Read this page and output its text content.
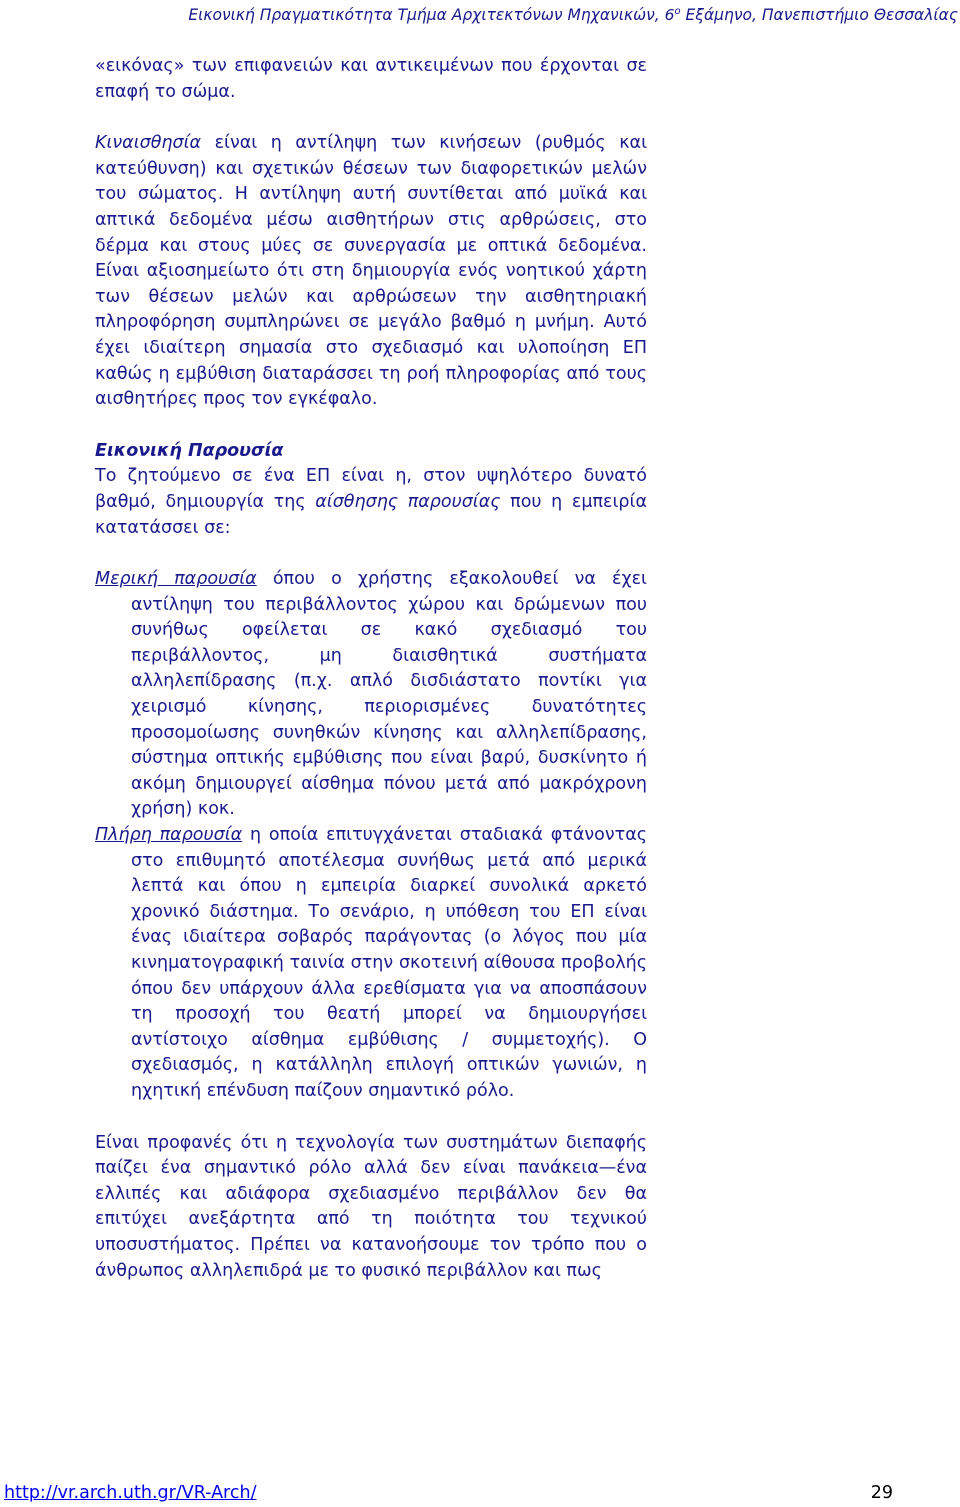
Εικονική Πραγματικότητα Τμήμα Αρχιτεκτόνων Μηχανικών, $6^o$ Εξάμηνο, Πανεπιστήμιο Θεσσαλίας

«εικόνας» των επιφανειών και αντικειμένων που έρχονται σε επαφή το σώμα.

Κιναισθησία είναι η αντίληψη των κινήσεων (ρυθμός και κατεύθυνση) και σχετικών θέσεων των διαφορετικών μελών του σώματος. Η αντίληψη αυτή συντίθεται από μυϊκά και απτικά δεδομένα μέσω αισθητήρων στις αρθρώσεις, στο δέρμα και στους μύες σε συνεργασία με οπτικά δεδομένα. Είναι αξιοσημείωτο ότι στη δημιουργία ενός νοητικού χάρτη των θέσεων μελών και αρθρώσεων την αισθητηριακή πληροφόρηση συμπληρώνει σε μεγάλο βαθμό η μνήμη. Αυτό έχει ιδιαίτερη σημασία στο σχεδιασμό και υλοποίηση ΕΠ καθώς η εμβύθιση διαταράσσει τη ροή πληροφορίας από τους αισθητήρες προς τον εγκέφαλο.

Εικονική Παρουσία

Το ζητούμενο σε ένα ΕΠ είναι η, στον υψηλότερο δυνατό βαθμό, δημιουργία της αίσθησης παρουσίας που η εμπειρία κατατάσσει σε:

Μερική παρουσία όπου ο χρήστης εξακολουθεί να έχει αντίληψη του περιβάλλοντος χώρου και δρώμενων που συνήθως οφείλεται σε κακό σχεδιασμό του περιβάλλοντος, μη διαισθητικά συστήματα αλληλεπίδρασης (π.χ. απλό δισδιάστατο ποντίκι για χειρισμό κίνησης, περιορισμένες δυνατότητες προσομοίωσης συνηθκών κίνησης και αλληλεπίδρασης, σύστημα οπτικής εμβύθισης που είναι βαρύ, δυσκίνητο ή ακόμη δημιουργεί αίσθημα πόνου μετά από μακρόχρονη χρήση) κοκ.

Πλήρη παρουσία η οποία επιτυγχάνεται σταδιακά φτάνοντας στο επιθυμητό αποτέλεσμα συνήθως μετά από μερικά λεπτά και όπου η εμπειρία διαρκεί συνολικά αρκετό χρονικό διάστημα. Το σενάριο, η υπόθεση του ΕΠ είναι ένας ιδιαίτερα σοβαρός παράγοντας (ο λόγος που μία κινηματογραφική ταινία στην σκοτεινή αίθουσα προβολής όπου δεν υπάρχουν άλλα ερεθίσματα για να αποσπάσουν τη προσοχή του θεατή μπορεί να δημιουργήσει αντίστοιχο αίσθημα εμβύθισης / συμμετοχής). Ο σχεδιασμός, η κατάλληλη επιλογή οπτικών γωνιών, η ηχητική επένδυση παίζουν σημαντικό ρόλο.

Είναι προφανές ότι η τεχνολογία των συστημάτων διεπαφής παίζει ένα σημαντικό ρόλο αλλά δεν είναι πανάκεια—ένα ελλιπές και αδιάφορα σχεδιασμένο περιβάλλον δεν θα επιτύχει ανεξάρτητα από τη ποιότητα του τεχνικού υποσυστήματος. Πρέπει να κατανοήσουμε τον τρόπο που ο άνθρωπος αλληλεπιδρά με το φυσικό περιβάλλον και πως

http://vr.arch.uth.gr/VR-Arch/	29
